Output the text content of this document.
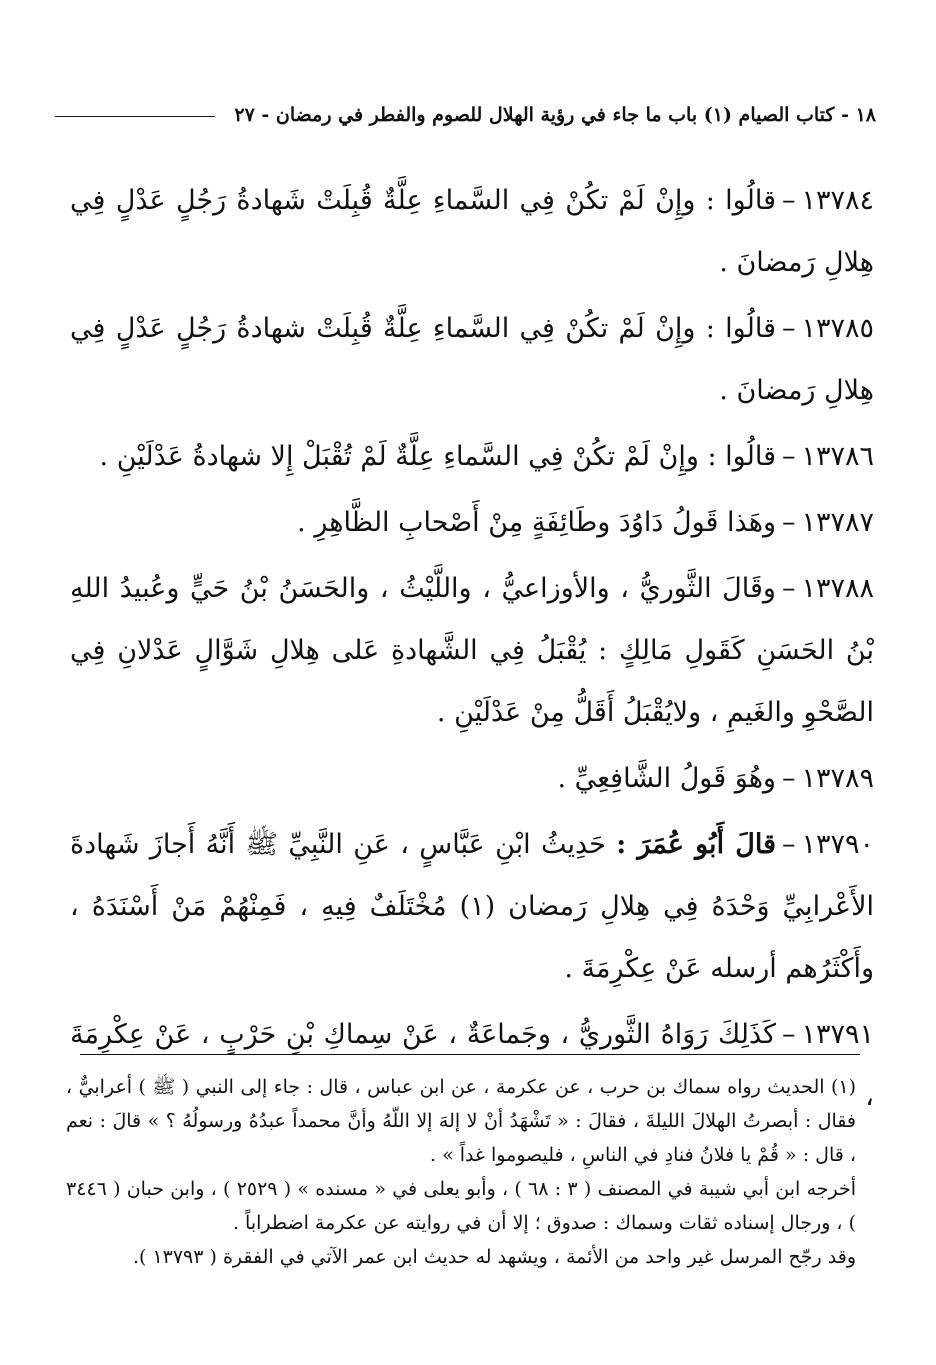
١٨ - كتاب الصيام (١) باب ما جاء في رؤية الهلال للصوم والفطر في رمضان - ٢٧

١٣٧٨٤–قالُوا : وإِنْ لَمْ تكُنْ فِي السَّماءِ عِلَّةٌ قُبِلَتْ شَهادةُ رَجُلٍ عَدْلٍ فِي هِلالِ رَمضانَ .

١٣٧٨٥–قالُوا : وإِنْ لَمْ تكُنْ فِي السَّماءِ عِلَّةٌ قُبِلَتْ شهادةُ رَجُلٍ عَدْلٍ فِي هِلالِ رَمضانَ .

١٣٧٨٦–قالُوا : وإِنْ لَمْ تكُنْ فِي السَّماءِ عِلَّةٌ لَمْ تُقْبَلْ إِلا شهادةُ عَدْلَيْنِ .

١٣٧٨٧–وهَذا قَولُ دَاوُدَ وطَائِفَةٍ مِنْ أَصْحابِ الظَّاهِرِ .

١٣٧٨٨–وقَالَ الثَّوريُّ ، والأوزاعيُّ ، واللَّيْثُ ، والحَسَنُ بْنُ حَيٍّ وعُبيدُ اللهِ بْنُ الحَسَنِ كَقَولِ مَالِكٍ : يُقْبَلُ فِي الشَّهادةِ عَلى هِلالِ شَوَّالٍ عَدْلانِ فِي الصَّحْوِ والغَيمِ ، ولايُقْبَلُ أَقَلُّ مِنْ عَدْلَيْنِ .

١٣٧٨٩–وهُوَ قَولُ الشَّافِعِيِّ .

١٣٧٩٠–قالَ أَبُو عُمَرَ : حَدِيثُ ابْنِ عَبَّاسٍ ، عَنِ النَّبِيِّ ﷺ أَنَّهُ أَجازَ شَهادةَ الأَعْرابِيِّ وَحْدَهُ فِي هِلالِ رَمضان (١) مُخْتَلَفٌ فِيهِ ، فَمِنْهُمْ مَنْ أَسْنَدَهُ ، وأَكْثَرُهم أرسله عَنْ عِكْرِمَةَ .

١٣٧٩١–كَذَلِكَ رَوَاهُ الثَّوريُّ ، وجَماعَةٌ ، عَنْ سِماكِ بْنِ حَرْبٍ ، عَنْ عِكْرِمَةَ ،

(١) الحديث رواه سماك بن حرب ، عن عكرمة ، عن ابن عباس ، قال : جاء إلى النبي ( ﷺ ) أعرابيٌّ ، فقال : أبصرتُ الهلالَ الليلةَ ، فقالَ : « تَشْهَدُ أنْ لا إلهَ إلا اللّهُ وأنَّ محمداً عبدُهُ ورسولُهُ ؟ » قالَ : نعم ، قال : « قُمْ يا فلانُ فنادِ في الناسِ ، فليصوموا غداً » .

أخرجه ابن أبي شيبة في المصنف ( ٣ : ٦٨ ) ، وأبو يعلى في « مسنده » ( ٢٥٢٩ ) ، وابن حبان ( ٣٤٤٦ ) ، ورجال إسناده ثقات وسماك : صدوق ؛ إلا أن في روايته عن عكرمة اضطراباً .

وقد رجّح المرسل غير واحد من الأئمة ، ويشهد له حديث ابن عمر الآتي في الفقرة ( ١٣٧٩٣ ).
